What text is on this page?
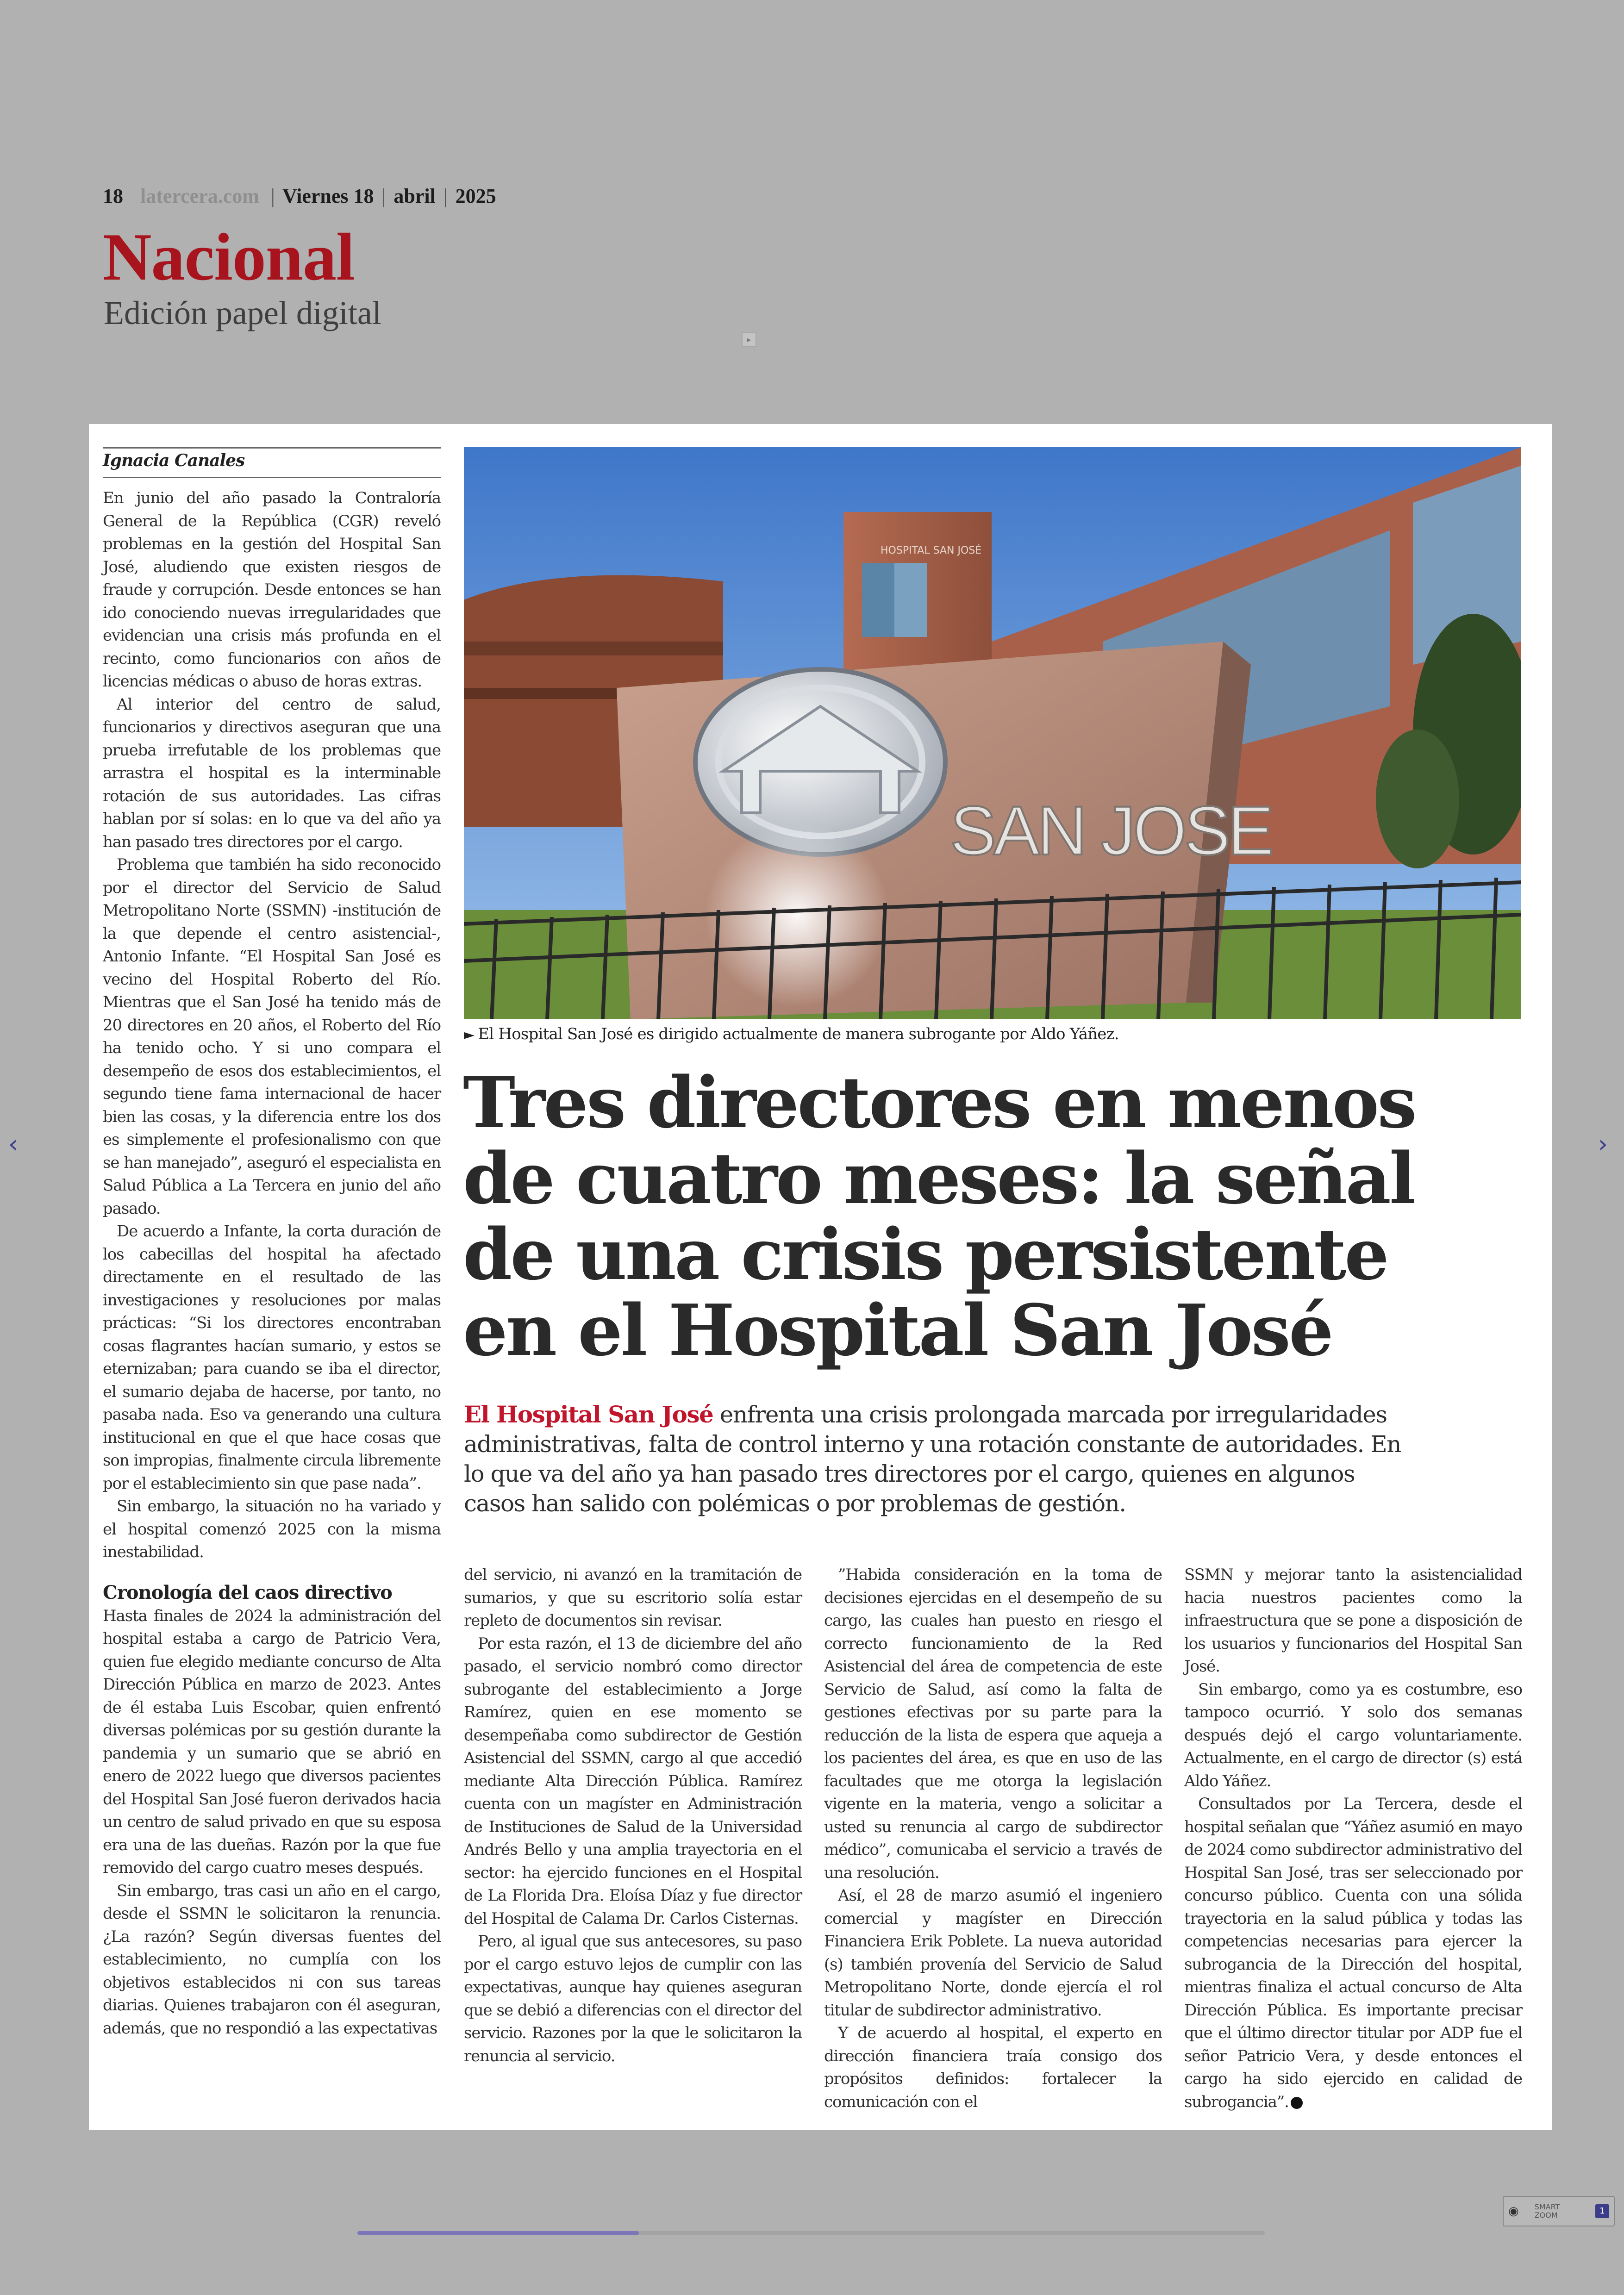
18 latercera.com | Viernes 18 | abril | 2025
Nacional
Edición papel digital
▸
Ignacia Canales

En junio del año pasado la Contraloría General de la República (CGR) reveló problemas en la gestión del Hospital San José, aludiendo que existen riesgos de fraude y corrupción. Desde entonces se han ido conociendo nuevas irregularidades que evidencian una crisis más profunda en el recinto, como funcionarios con años de licencias médicas o abuso de horas extras.

Al interior del centro de salud, funcionarios y directivos aseguran que una prueba irrefutable de los problemas que arrastra el hospital es la interminable rotación de sus autoridades. Las cifras hablan por sí solas: en lo que va del año ya han pasado tres directores por el cargo.

Problema que también ha sido reconocido por el director del Servicio de Salud Metropolitano Norte (SSMN) -institución de la que depende el centro asistencial-, Antonio Infante. “El Hospital San José es vecino del Hospital Roberto del Río. Mientras que el San José ha tenido más de 20 directores en 20 años, el Roberto del Río ha tenido ocho. Y si uno compara el desempeño de esos dos establecimientos, el segundo tiene fama internacional de hacer bien las cosas, y la diferencia entre los dos es simplemente el profesionalismo con que se han manejado”, aseguró el especialista en Salud Pública a La Tercera en junio del año pasado.

De acuerdo a Infante, la corta duración de los cabecillas del hospital ha afectado directamente en el resultado de las investigaciones y resoluciones por malas prácticas: “Si los directores encontraban cosas flagrantes hacían sumario, y estos se eternizaban; para cuando se iba el director, el sumario dejaba de hacerse, por tanto, no pasaba nada. Eso va generando una cultura institucional en que el que hace cosas que son impropias, finalmente circula libremente por el establecimiento sin que pase nada”.

Sin embargo, la situación no ha variado y el hospital comenzó 2025 con la misma inestabilidad.

Cronología del caos directivo

Hasta finales de 2024 la administración del hospital estaba a cargo de Patricio Vera, quien fue elegido mediante concurso de Alta Dirección Pública en marzo de 2023. Antes de él estaba Luis Escobar, quien enfrentó diversas polémicas por su gestión durante la pandemia y un sumario que se abrió en enero de 2022 luego que diversos pacientes del Hospital San José fueron derivados hacia un centro de salud privado en que su esposa era una de las dueñas. Razón por la que fue removido del cargo cuatro meses después.

Sin embargo, tras casi un año en el cargo, desde el SSMN le solicitaron la renuncia. ¿La razón? Según diversas fuentes del establecimiento, no cumplía con los objetivos establecidos ni con sus tareas diarias. Quienes trabajaron con él aseguran, además, que no respondió a las expectativas

HOSPITAL SAN JOSÉ
SAN JOSE
► El Hospital San José es dirigido actualmente de manera subrogante por Aldo Yáñez.
Tres directores en menos de cuatro meses: la señal de una crisis persistente en el Hospital San José
El Hospital San José enfrenta una crisis prolongada marcada por irregularidades administrativas, falta de control interno y una rotación constante de autoridades. En lo que va del año ya han pasado tres directores por el cargo, quienes en algunos casos han salido con polémicas o por problemas de gestión.

del servicio, ni avanzó en la tramitación de sumarios, y que su escritorio solía estar repleto de documentos sin revisar.

Por esta razón, el 13 de diciembre del año pasado, el servicio nombró como director subrogante del establecimiento a Jorge Ramírez, quien en ese momento se desempeñaba como subdirector de Gestión Asistencial del SSMN, cargo al que accedió mediante Alta Dirección Pública. Ramírez cuenta con un magíster en Administración de Instituciones de Salud de la Universidad Andrés Bello y una amplia trayectoria en el sector: ha ejercido funciones en el Hospital de La Florida Dra. Eloísa Díaz y fue director del Hospital de Calama Dr. Carlos Cisternas.

Pero, al igual que sus antecesores, su paso por el cargo estuvo lejos de cumplir con las expectativas, aunque hay quienes aseguran que se debió a diferencias con el director del servicio. Razones por la que le solicitaron la renuncia al servicio.

”Habida consideración en la toma de decisiones ejercidas en el desempeño de su cargo, las cuales han puesto en riesgo el correcto funcionamiento de la Red Asistencial del área de competencia de este Servicio de Salud, así como la falta de gestiones efectivas por su parte para la reducción de la lista de espera que aqueja a los pacientes del área, es que en uso de las facultades que me otorga la legislación vigente en la materia, vengo a solicitar a usted su renuncia al cargo de subdirector médico”, comunicaba el servicio a través de una resolución.

Así, el 28 de marzo asumió el ingeniero comercial y magíster en Dirección Financiera Erik Poblete. La nueva autoridad (s) también provenía del Servicio de Salud Metropolitano Norte, donde ejercía el rol titular de subdirector administrativo.

Y de acuerdo al hospital, el experto en dirección financiera traía consigo dos propósitos definidos: fortalecer la comunicación con el

SSMN y mejorar tanto la asistencialidad hacia nuestros pacientes como la infraestructura que se pone a disposición de los usuarios y funcionarios del Hospital San José.

Sin embargo, como ya es costumbre, eso tampoco ocurrió. Y solo dos semanas después dejó el cargo voluntariamente. Actualmente, en el cargo de director (s) está Aldo Yáñez.

Consultados por La Tercera, desde el hospital señalan que “Yáñez asumió en mayo de 2024 como subdirector administrativo del Hospital San José, tras ser seleccionado por concurso público. Cuenta con una sólida trayectoria en la salud pública y todas las competencias necesarias para ejercer la subrogancia de la Dirección del hospital, mientras finaliza el actual concurso de Alta Dirección Pública. Es importante precisar que el último director titular por ADP fue el señor Patricio Vera, y desde entonces el cargo ha sido ejercido en calidad de subrogancia”.

‹	›
◉ SMART
ZOOM	1
